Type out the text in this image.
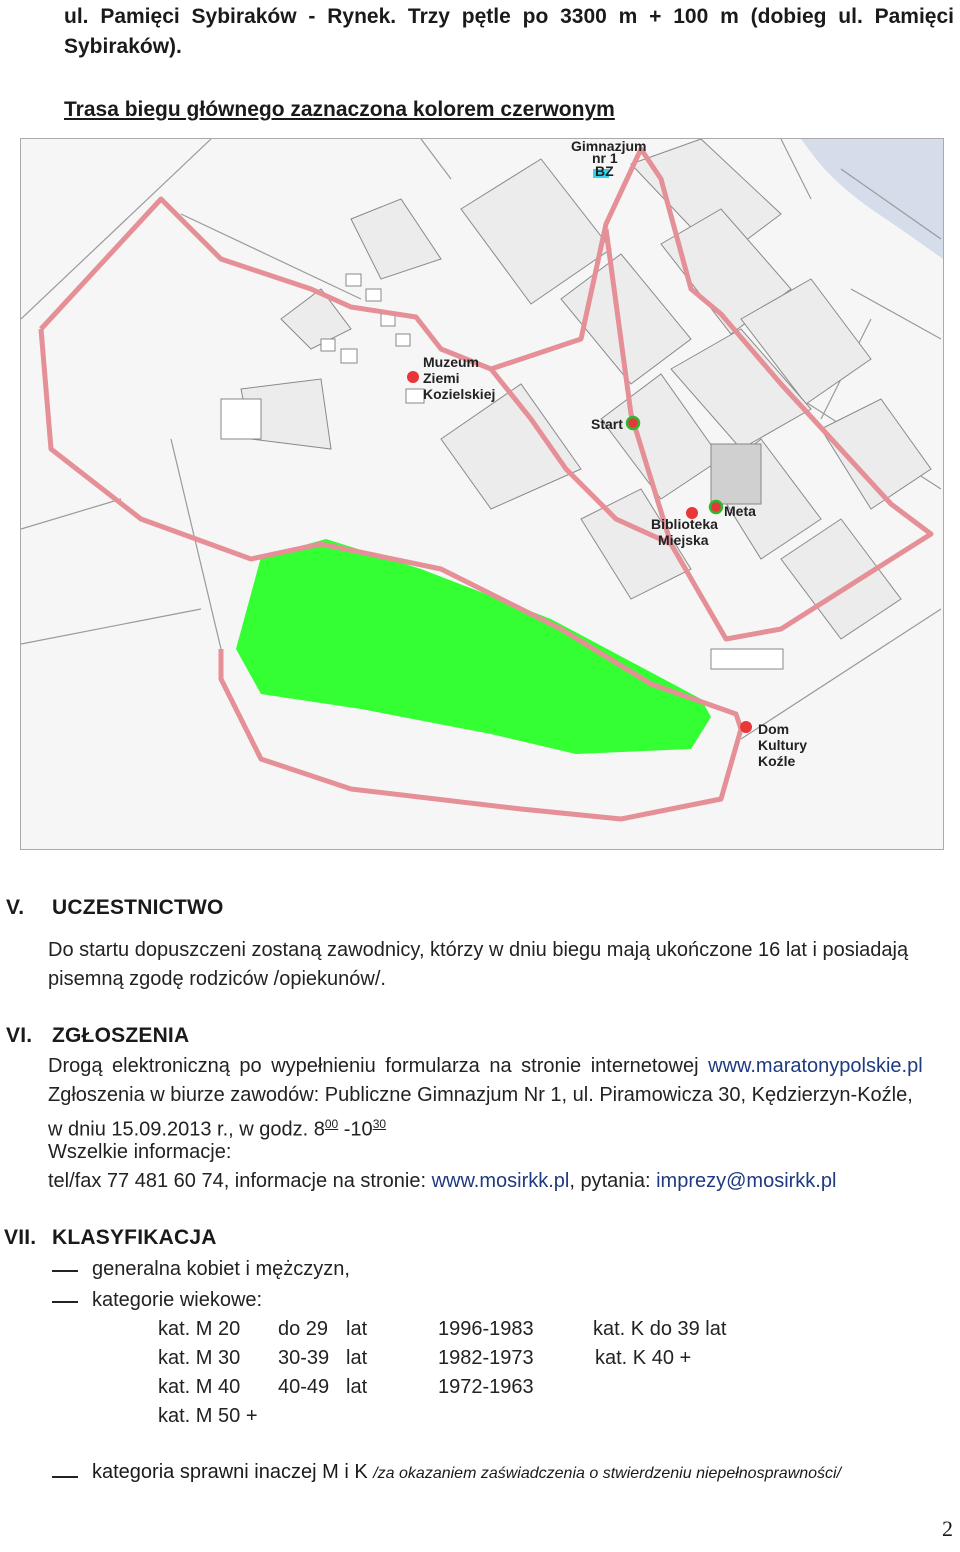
ul. Pamięci Sybiraków - Rynek. Trzy pętle po 3300 m + 100 m (dobieg ul. Pamięci Sybiraków).
Trasa biegu głównego zaznaczona kolorem czerwonym
Gimnazjum
nr 1
BZ
Muzeum
Ziemi
Kozielskiej
Start
Meta
Biblioteka
Miejska
Dom
Kultury
Koźle
V. UCZESTNICTWO
Do startu dopuszczeni zostaną zawodnicy, którzy w dniu biegu mają ukończone 16 lat i posiadają pisemną zgodę rodziców /opiekunów/.
VI. ZGŁOSZENIA
Drogą elektroniczną po wypełnieniu formularza na stronie internetowej www.maratonypolskie.pl
Zgłoszenia w biurze zawodów: Publiczne Gimnazjum Nr 1, ul. Piramowicza 30, Kędzierzyn-Koźle,
w dniu 15.09.2013 r., w godz. $8^{00}$ $-10^{30}$
Wszelkie informacje:
tel/fax 77 481 60 74, informacje na stronie: www.mosirkk.pl, pytania: imprezy@mosirkk.pl
VII. KLASYFIKACJA
generalna kobiet i mężczyzn,
kategorie wiekowe:
kat. M 20 do 29 lat	1996-1983	kat. K do 39 lat
kat. M 30 30-39 lat	1982-1973	kat. K 40 +
kat. M 40 40-49 lat	1972-1963
kat. M 50 +
kategoria sprawni inaczej M i K /za okazaniem zaświadczenia o stwierdzeniu niepełnosprawności/
2
